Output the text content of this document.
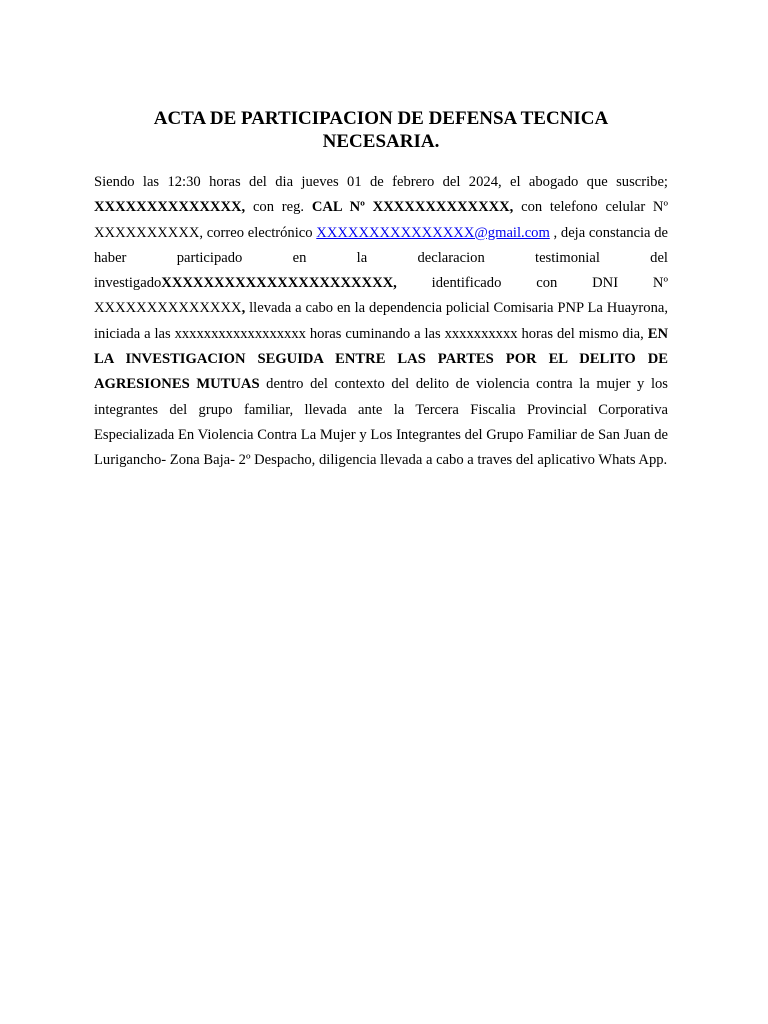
ACTA DE PARTICIPACION DE DEFENSA TECNICA
NECESARIA.

Siendo las 12:30 horas del dia jueves 01 de febrero del 2024, el abogado que suscribe; XXXXXXXXXXXXXX, con reg. CAL Nº XXXXXXXXXXXXX, con telefono celular Nº XXXXXXXXXX, correo electrónico XXXXXXXXXXXXXXX@gmail.com , deja constancia de haber participado en la declaracion testimonial del investigadoXXXXXXXXXXXXXXXXXXXXXX, identificado con DNI Nº XXXXXXXXXXXXXX, llevada a cabo en la dependencia policial Comisaria PNP La Huayrona, iniciada a las xxxxxxxxxxxxxxxxxx horas cuminando a las xxxxxxxxxx horas del mismo dia, EN LA INVESTIGACION SEGUIDA ENTRE LAS PARTES POR EL DELITO DE AGRESIONES MUTUAS dentro del contexto del delito de violencia contra la mujer y los integrantes del grupo familiar, llevada ante la Tercera Fiscalia Provincial Corporativa Especializada En Violencia Contra La Mujer y Los Integrantes del Grupo Familiar de San Juan de Lurigancho- Zona Baja- 2º Despacho, diligencia llevada a cabo a traves del aplicativo Whats App.
